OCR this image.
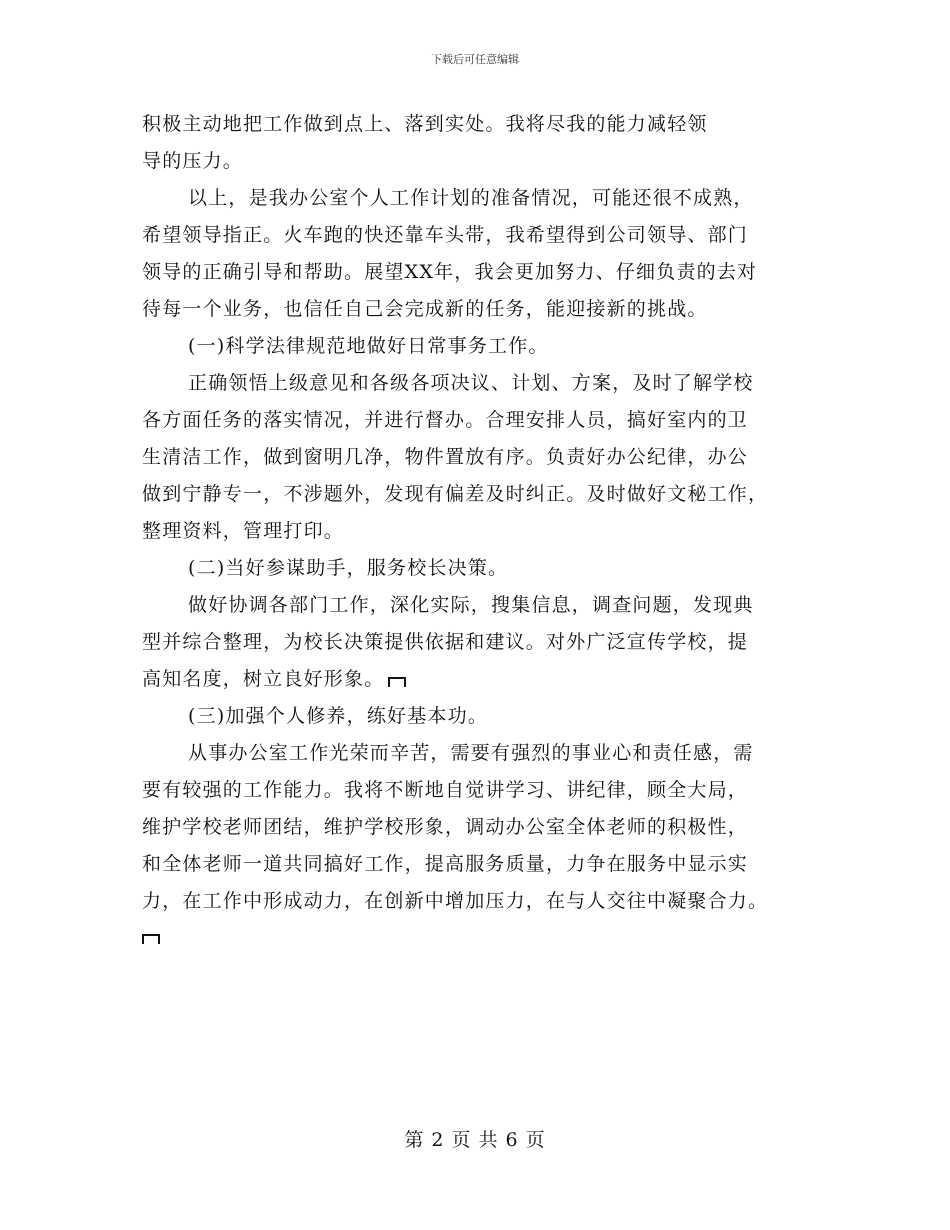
下载后可任意编辑
积极主动地把工作做到点上、落到实处。我将尽我的能力减轻领
导的压力。
以上，是我办公室个人工作计划的准备情况，可能还很不成熟，
希望领导指正。火车跑的快还靠车头带，我希望得到公司领导、部门
领导的正确引导和帮助。展望XX年，我会更加努力、仔细负责的去对
待每一个业务，也信任自己会完成新的任务，能迎接新的挑战。
(一)科学法律规范地做好日常事务工作。
正确领悟上级意见和各级各项决议、计划、方案，及时了解学校
各方面任务的落实情况，并进行督办。合理安排人员，搞好室内的卫
生清洁工作，做到窗明几净，物件置放有序。负责好办公纪律，办公
做到宁静专一，不涉题外，发现有偏差及时纠正。及时做好文秘工作，
整理资料，管理打印。
(二)当好参谋助手，服务校长决策。
做好协调各部门工作，深化实际，搜集信息，调查问题，发现典
型并综合整理，为校长决策提供依据和建议。对外广泛宣传学校，提
高知名度，树立良好形象。
(三)加强个人修养，练好基本功。
从事办公室工作光荣而辛苦，需要有强烈的事业心和责任感，需
要有较强的工作能力。我将不断地自觉讲学习、讲纪律，顾全大局，
维护学校老师团结，维护学校形象，调动办公室全体老师的积极性，
和全体老师一道共同搞好工作，提高服务质量，力争在服务中显示实
力，在工作中形成动力，在创新中增加压力，在与人交往中凝聚合力。
第 2 页 共 6 页
